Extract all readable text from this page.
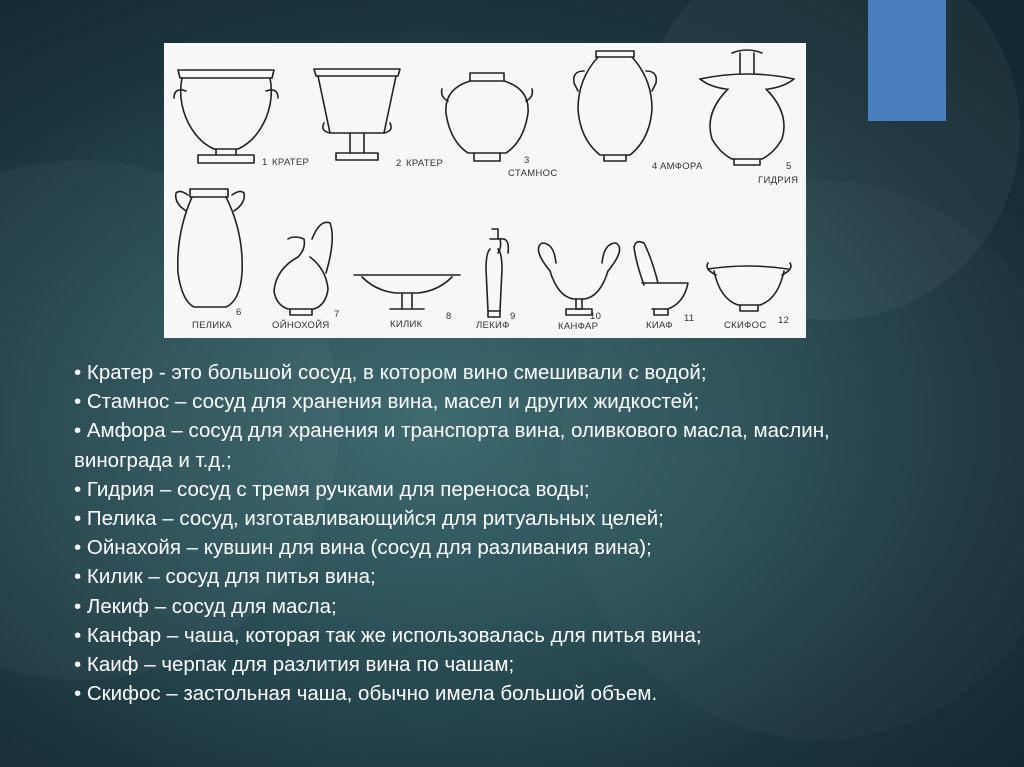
1 КРАТЕР	2 КРАТЕР	3
СТАМНОС
4 АМФОРА	5
ГИДРИЯ
6
ПЕЛИКА
7
ОЙНОХОЙЯ
8
КИЛИК
9
ЛЕКИФ
10
КАНФАР
11
КИАФ	12
СКИФОС

• Кратер - это большой сосуд, в котором вино смешивали с водой;

• Стамнос – сосуд для хранения вина, масел и других жидкостей;

• Амфора – сосуд для хранения и транспорта вина, оливкового масла, маслин,

винограда и т.д.;

• Гидрия – сосуд с тремя ручками для переноса воды;

• Пелика – сосуд, изготавливающийся для ритуальных целей;

• Ойнахойя – кувшин для вина (сосуд для разливания вина);

• Килик – сосуд для питья вина;

• Лекиф – сосуд для масла;

• Канфар – чаша, которая так же использовалась для питья вина;

• Каиф – черпак для разлития вина по чашам;

• Скифос – застольная чаша, обычно имела большой объем.
